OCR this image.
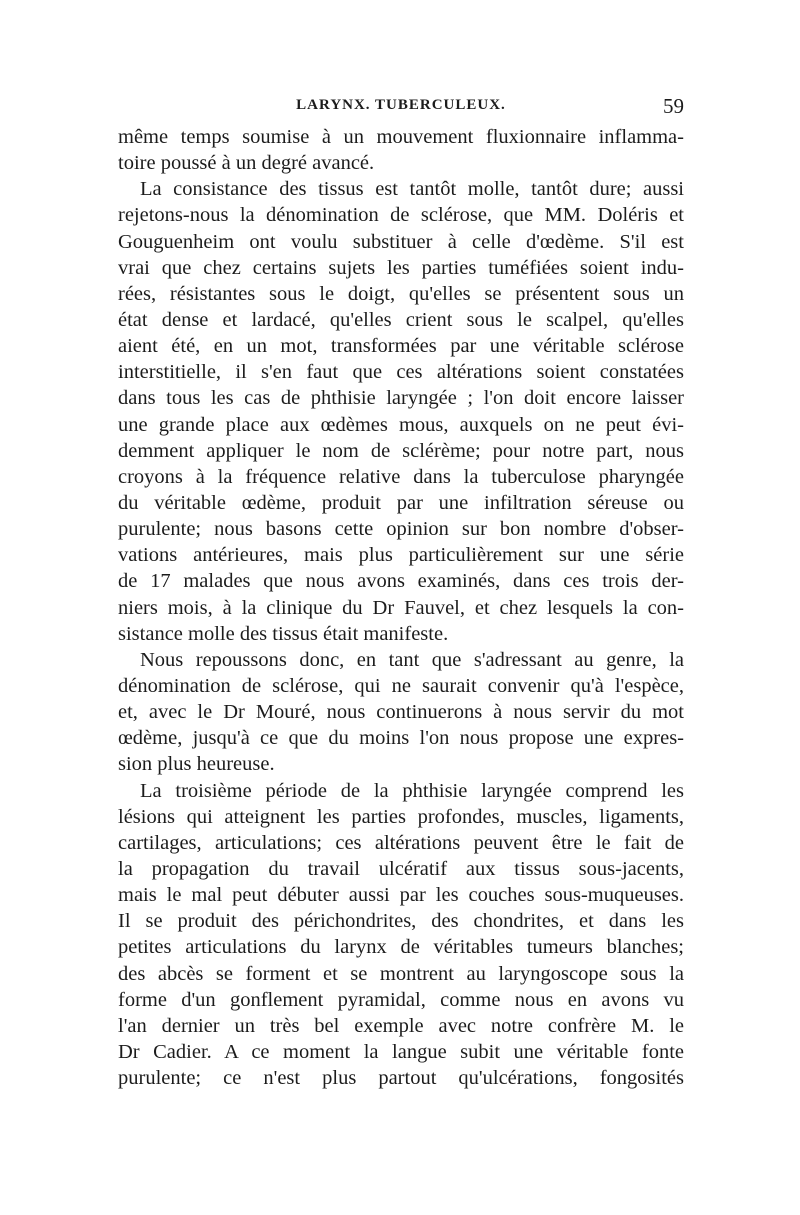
LARYNX. TUBERCULEUX.	59
même temps soumise à un mouvement fluxionnaire inflamma-
toire poussé à un degré avancé.
La consistance des tissus est tantôt molle, tantôt dure; aussi
rejetons-nous la dénomination de sclérose, que MM. Doléris et
Gouguenheim ont voulu substituer à celle d'œdème. S'il est
vrai que chez certains sujets les parties tuméfiées soient indu-
rées, résistantes sous le doigt, qu'elles se présentent sous un
état dense et lardacé, qu'elles crient sous le scalpel, qu'elles
aient été, en un mot, transformées par une véritable sclérose
interstitielle, il s'en faut que ces altérations soient constatées
dans tous les cas de phthisie laryngée ; l'on doit encore laisser
une grande place aux œdèmes mous, auxquels on ne peut évi-
demment appliquer le nom de sclérème; pour notre part, nous
croyons à la fréquence relative dans la tuberculose pharyngée
du véritable œdème, produit par une infiltration séreuse ou
purulente; nous basons cette opinion sur bon nombre d'obser-
vations antérieures, mais plus particulièrement sur une série
de 17 malades que nous avons examinés, dans ces trois der-
niers mois, à la clinique du Dr Fauvel, et chez lesquels la con-
sistance molle des tissus était manifeste.
Nous repoussons donc, en tant que s'adressant au genre, la
dénomination de sclérose, qui ne saurait convenir qu'à l'espèce,
et, avec le Dr Mouré, nous continuerons à nous servir du mot
œdème, jusqu'à ce que du moins l'on nous propose une expres-
sion plus heureuse.
La troisième période de la phthisie laryngée comprend les
lésions qui atteignent les parties profondes, muscles, ligaments,
cartilages, articulations; ces altérations peuvent être le fait de
la propagation du travail ulcératif aux tissus sous-jacents,
mais le mal peut débuter aussi par les couches sous-muqueuses.
Il se produit des périchondrites, des chondrites, et dans les
petites articulations du larynx de véritables tumeurs blanches;
des abcès se forment et se montrent au laryngoscope sous la
forme d'un gonflement pyramidal, comme nous en avons vu
l'an dernier un très bel exemple avec notre confrère M. le
Dr Cadier. A ce moment la langue subit une véritable fonte
purulente; ce n'est plus partout qu'ulcérations, fongosités
